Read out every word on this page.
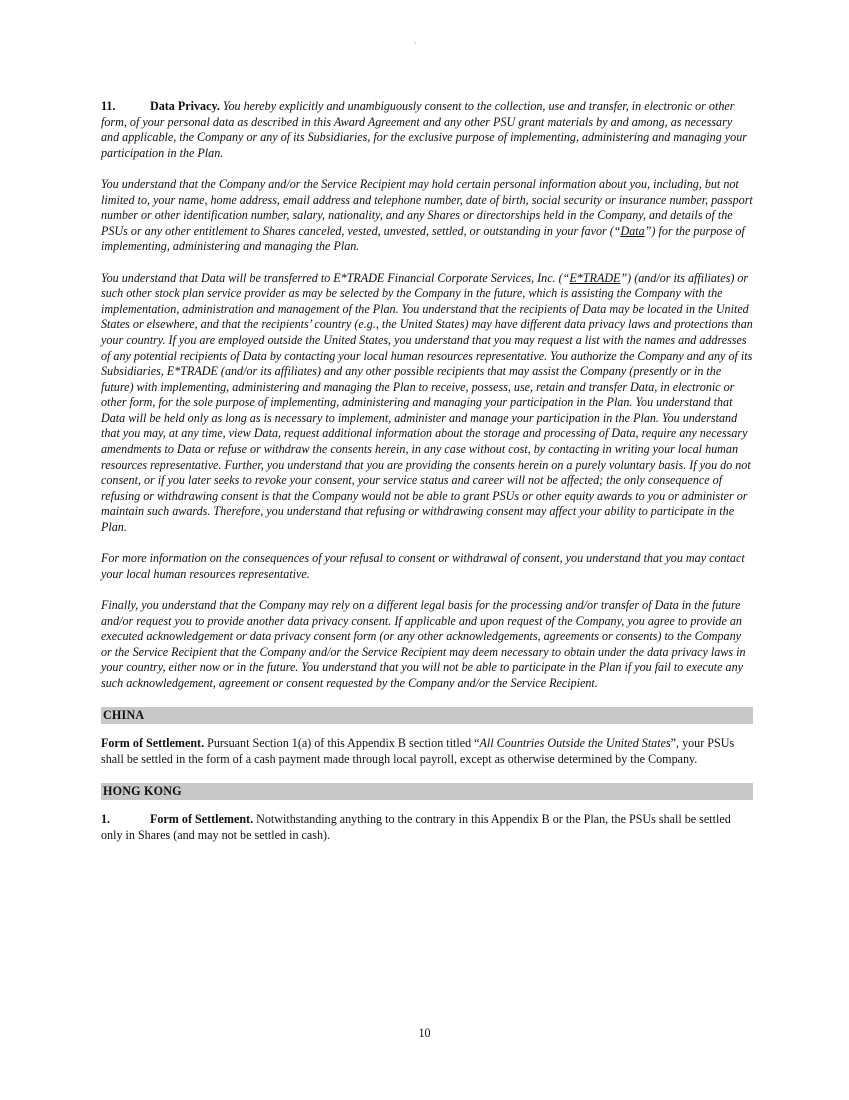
·

11.	Data Privacy. You hereby explicitly and unambiguously consent to the collection, use and transfer, in electronic or other form, of your personal data as described in this Award Agreement and any other PSU grant materials by and among, as necessary and applicable, the Company or any of its Subsidiaries, for the exclusive purpose of implementing, administering and managing your participation in the Plan.

You understand that the Company and/or the Service Recipient may hold certain personal information about you, including, but not limited to, your name, home address, email address and telephone number, date of birth, social security or insurance number, passport number or other identification number, salary, nationality, and any Shares or directorships held in the Company, and details of the PSUs or any other entitlement to Shares canceled, vested, unvested, settled, or outstanding in your favor (“Data”) for the purpose of implementing, administering and managing the Plan.

You understand that Data will be transferred to E*TRADE Financial Corporate Services, Inc. (“E*TRADE”) (and/or its affiliates) or such other stock plan service provider as may be selected by the Company in the future, which is assisting the Company with the implementation, administration and management of the Plan. You understand that the recipients of Data may be located in the United States or elsewhere, and that the recipients’ country (e.g., the United States) may have different data privacy laws and protections than your country. If you are employed outside the United States, you understand that you may request a list with the names and addresses of any potential recipients of Data by contacting your local human resources representative. You authorize the Company and any of its Subsidiaries, E*TRADE (and/or its affiliates) and any other possible recipients that may assist the Company (presently or in the future) with implementing, administering and managing the Plan to receive, possess, use, retain and transfer Data, in electronic or other form, for the sole purpose of implementing, administering and managing your participation in the Plan. You understand that Data will be held only as long as is necessary to implement, administer and manage your participation in the Plan. You understand that you may, at any time, view Data, request additional information about the storage and processing of Data, require any necessary amendments to Data or refuse or withdraw the consents herein, in any case without cost, by contacting in writing your local human resources representative. Further, you understand that you are providing the consents herein on a purely voluntary basis. If you do not consent, or if you later seeks to revoke your consent, your service status and career will not be affected; the only consequence of refusing or withdrawing consent is that the Company would not be able to grant PSUs or other equity awards to you or administer or maintain such awards. Therefore, you understand that refusing or withdrawing consent may affect your ability to participate in the Plan.

For more information on the consequences of your refusal to consent or withdrawal of consent, you understand that you may contact your local human resources representative.

Finally, you understand that the Company may rely on a different legal basis for the processing and/or transfer of Data in the future and/or request you to provide another data privacy consent. If applicable and upon request of the Company, you agree to provide an executed acknowledgement or data privacy consent form (or any other acknowledgements, agreements or consents) to the Company or the Service Recipient that the Company and/or the Service Recipient may deem necessary to obtain under the data privacy laws in your country, either now or in the future. You understand that you will not be able to participate in the Plan if you fail to execute any such acknowledgement, agreement or consent requested by the Company and/or the Service Recipient.

CHINA

Form of Settlement. Pursuant Section 1(a) of this Appendix B section titled “All Countries Outside the United States”, your PSUs shall be settled in the form of a cash payment made through local payroll, except as otherwise determined by the Company.

HONG KONG

1.	Form of Settlement. Notwithstanding anything to the contrary in this Appendix B or the Plan, the PSUs shall be settled only in Shares (and may not be settled in cash).

10
